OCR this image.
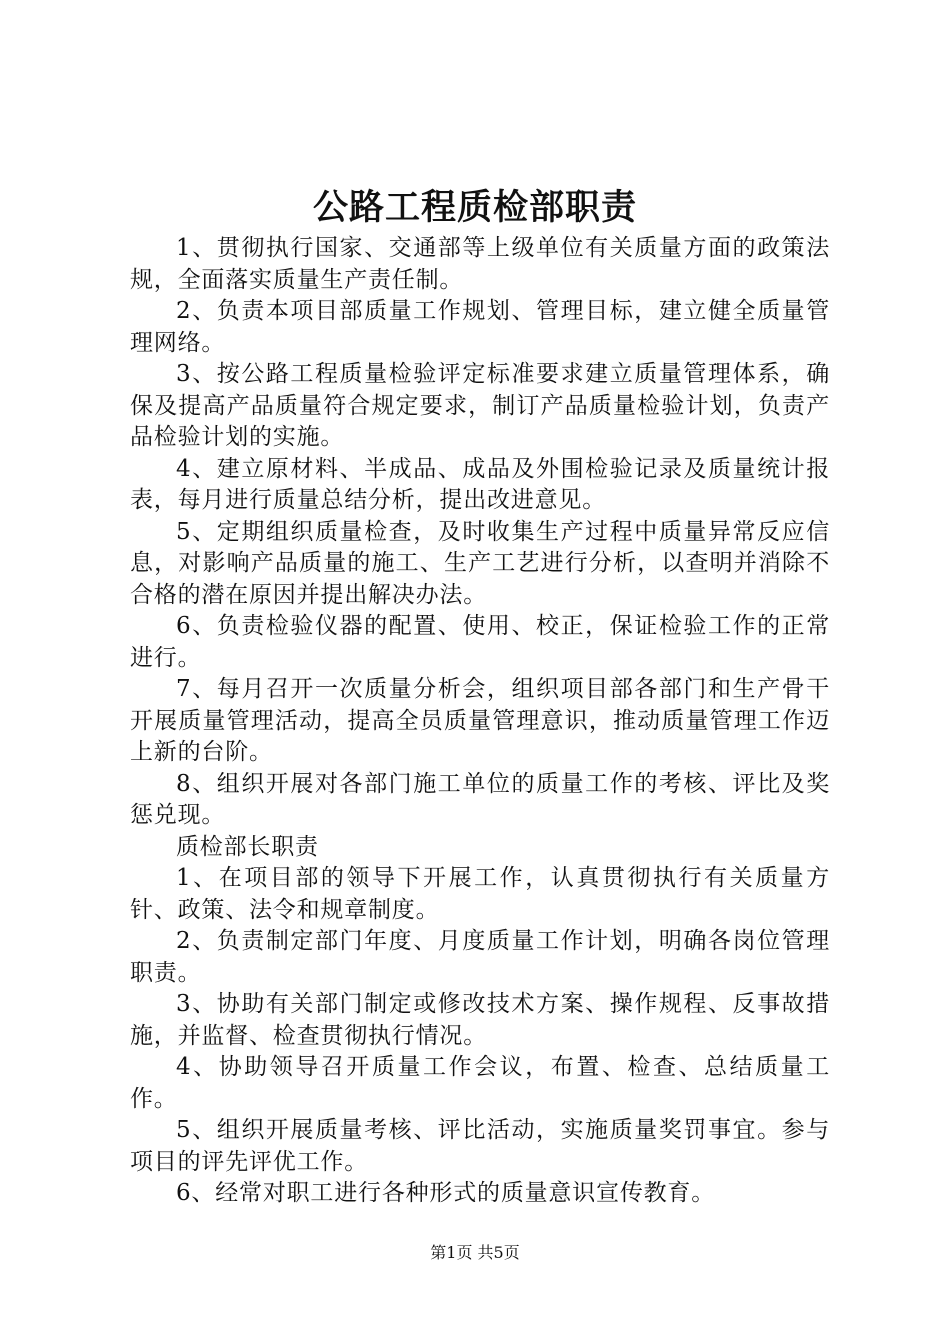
公路工程质检部职责

1、贯彻执行国家、交通部等上级单位有关质量方面的政策法规，全面落实质量生产责任制。

2、负责本项目部质量工作规划、管理目标，建立健全质量管理网络。

3、按公路工程质量检验评定标准要求建立质量管理体系，确保及提高产品质量符合规定要求，制订产品质量检验计划，负责产品检验计划的实施。

4、建立原材料、半成品、成品及外围检验记录及质量统计报表，每月进行质量总结分析，提出改进意见。

5、定期组织质量检查，及时收集生产过程中质量异常反应信息，对影响产品质量的施工、生产工艺进行分析，以查明并消除不合格的潜在原因并提出解决办法。

6、负责检验仪器的配置、使用、校正，保证检验工作的正常进行。

7、每月召开一次质量分析会，组织项目部各部门和生产骨干开展质量管理活动，提高全员质量管理意识，推动质量管理工作迈上新的台阶。

8、组织开展对各部门施工单位的质量工作的考核、评比及奖惩兑现。

质检部长职责

1、在项目部的领导下开展工作，认真贯彻执行有关质量方针、政策、法令和规章制度。

2、负责制定部门年度、月度质量工作计划，明确各岗位管理职责。

3、协助有关部门制定或修改技术方案、操作规程、反事故措施，并监督、检查贯彻执行情况。

4、协助领导召开质量工作会议，布置、检查、总结质量工作。

5、组织开展质量考核、评比活动，实施质量奖罚事宜。参与项目的评先评优工作。

6、经常对职工进行各种形式的质量意识宣传教育。

第1页 共5页
